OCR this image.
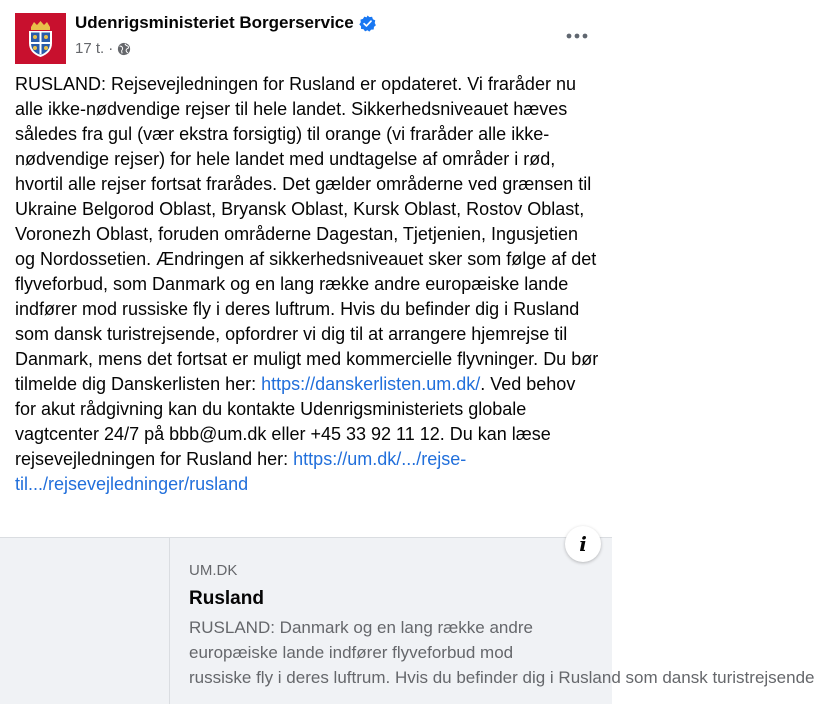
Udenrigsministeriet Borgerservice
17 t. ·
RUSLAND: Rejsevejledningen for Rusland er opdateret. Vi fraråder nu alle ikke-nødvendige rejser til hele landet. Sikkerhedsniveauet hæves således fra gul (vær ekstra forsigtig) til orange (vi fraråder alle ikke-nødvendige rejser) for hele landet med undtagelse af områder i rød, hvortil alle rejser fortsat frarådes. Det gælder områderne ved grænsen til Ukraine Belgorod Oblast, Bryansk Oblast, Kursk Oblast, Rostov Oblast, Voronezh Oblast, foruden områderne Dagestan, Tjetjenien, Ingusjetien og Nordossetien. Ændringen af sikkerhedsniveauet sker som følge af det flyveforbud, som Danmark og en lang række andre europæiske lande indfører mod russiske fly i deres luftrum. Hvis du befinder dig i Rusland som dansk turistrejsende, opfordrer vi dig til at arrangere hjemrejse til Danmark, mens det fortsat er muligt med kommercielle flyvninger. Du bør tilmelde dig Danskerlisten her: https://danskerlisten.um.dk/. Ved behov for akut rådgivning kan du kontakte Udenrigsministeriets globale vagtcenter 24/7 på bbb@um.dk eller +45 33 92 11 12. Du kan læse rejsevejledningen for Rusland her: https://um.dk/.../rejse-til.../rejsevejledninger/rusland
UM.DK
Rusland
RUSLAND: Danmark og en lang række andre
europæiske lande indfører flyveforbud mod
russiske fly i deres luftrum. Hvis du befinder dig i Rusland som dansk turistrejsende
i
